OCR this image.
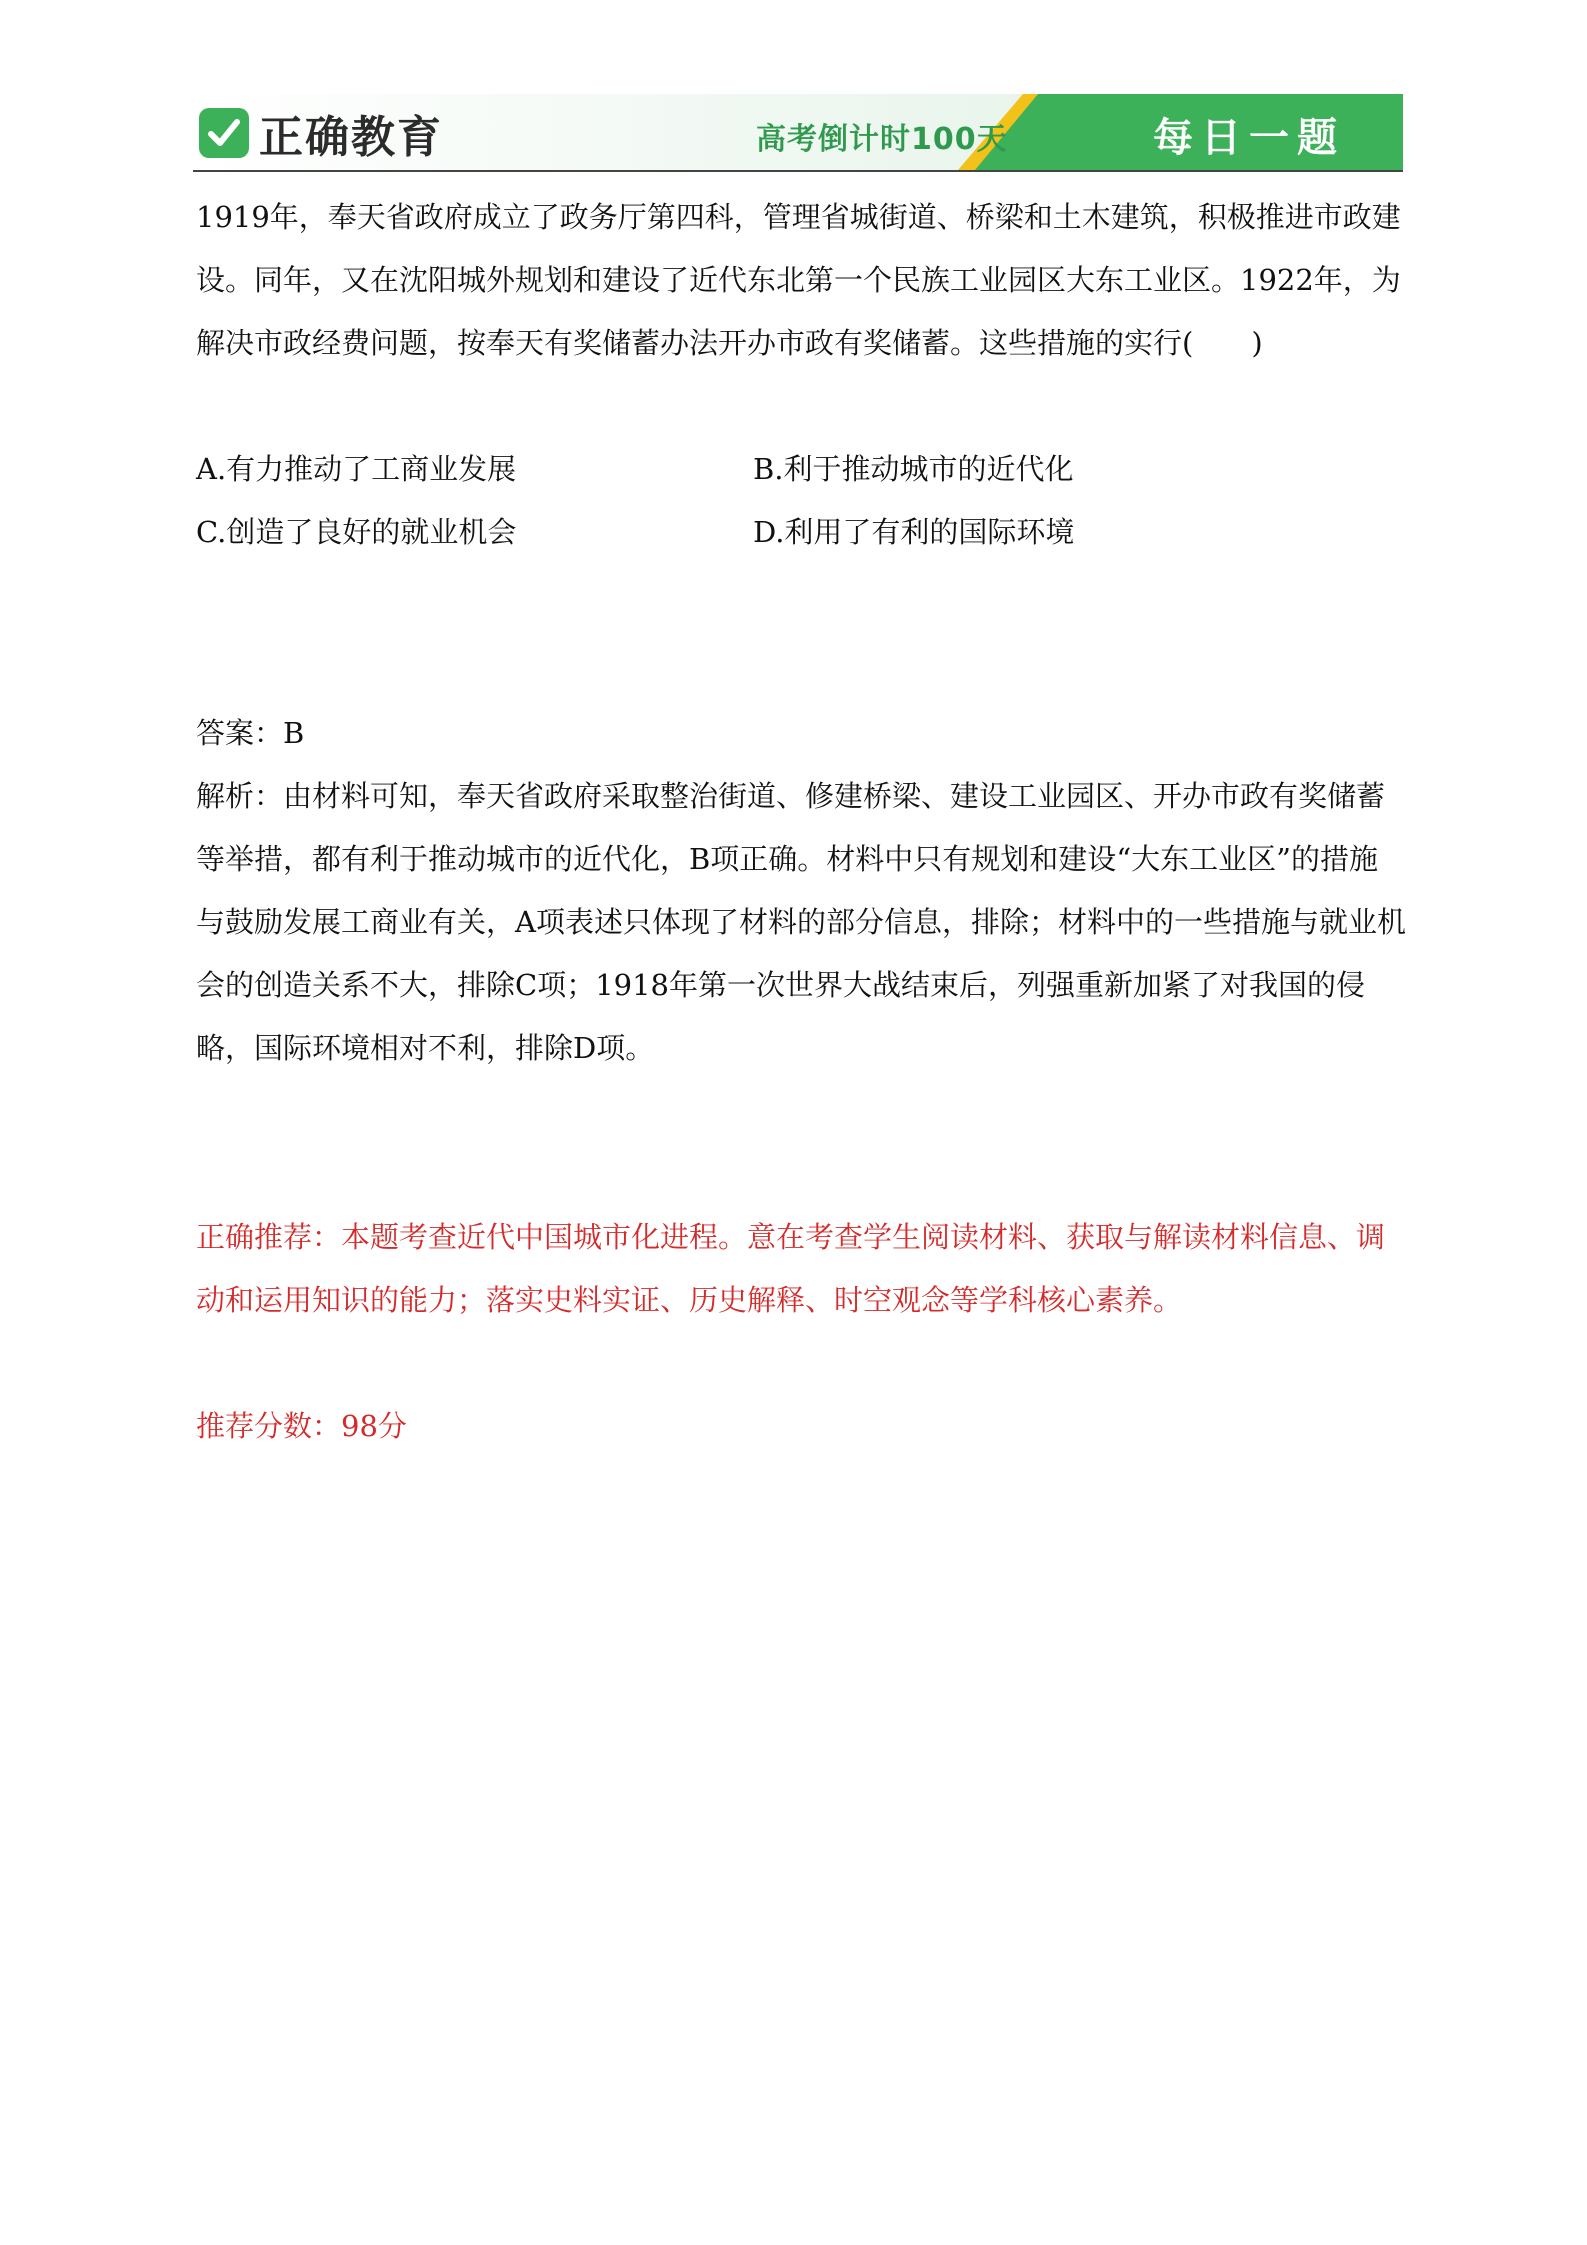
正确教育	高考倒计时100天	每日一题

1919年，奉天省政府成立了政务厅第四科，管理省城街道、桥梁和土木建筑，积极推进市政建设。同年，又在沈阳城外规划和建设了近代东北第一个民族工业园区大东工业区。1922年，为解决市政经费问题，按奉天有奖储蓄办法开办市政有奖储蓄。这些措施的实行(　　)

A.有力推动了工商业发展	B.利于推动城市的近代化
C.创造了良好的就业机会	D.利用了有利的国际环境

答案：B

解析：由材料可知，奉天省政府采取整治街道、修建桥梁、建设工业园区、开办市政有奖储蓄等举措，都有利于推动城市的近代化，B项正确。材料中只有规划和建设“大东工业区”的措施与鼓励发展工商业有关，A项表述只体现了材料的部分信息，排除；材料中的一些措施与就业机会的创造关系不大，排除C项；1918年第一次世界大战结束后，列强重新加紧了对我国的侵略，国际环境相对不利，排除D项。

正确推荐：本题考查近代中国城市化进程。意在考查学生阅读材料、获取与解读材料信息、调动和运用知识的能力；落实史料实证、历史解释、时空观念等学科核心素养。

推荐分数：98分
